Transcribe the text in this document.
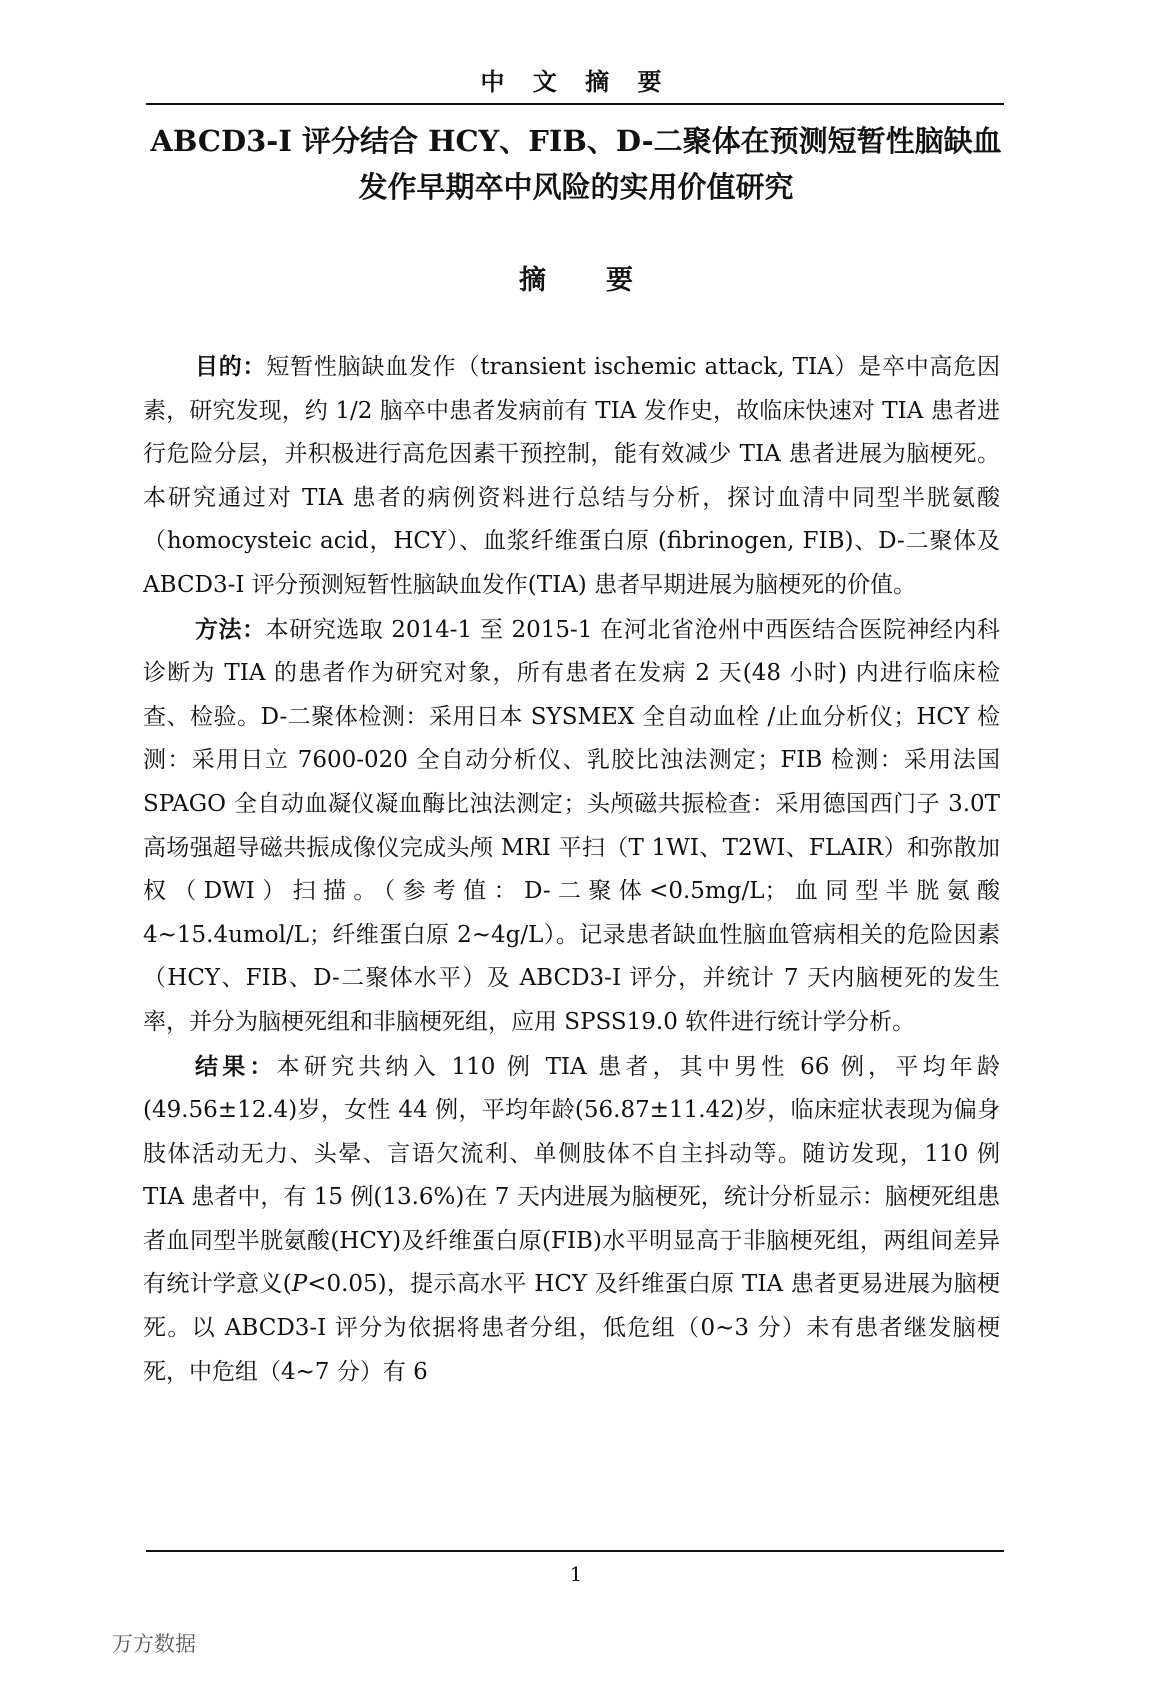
中 文 摘 要
ABCD3-I 评分结合 HCY、FIB、D-二聚体在预测短暂性脑缺血
发作早期卒中风险的实用价值研究
摘要

目的：短暂性脑缺血发作（transient ischemic attack, TIA）是卒中高危因素，研究发现，约 1/2 脑卒中患者发病前有 TIA 发作史，故临床快速对 TIA 患者进行危险分层，并积极进行高危因素干预控制，能有效减少 TIA 患者进展为脑梗死。本研究通过对 TIA 患者的病例资料进行总结与分析，探讨血清中同型半胱氨酸（homocysteic acid，HCY）、血浆纤维蛋白原 (fibrinogen, FIB)、D-二聚体及 ABCD3-I 评分预测短暂性脑缺血发作(TIA) 患者早期进展为脑梗死的价值。

方法：本研究选取 2014-1 至 2015-1 在河北省沧州中西医结合医院神经内科诊断为 TIA 的患者作为研究对象，所有患者在发病 2 天(48 小时) 内进行临床检查、检验。D-二聚体检测：采用日本 SYSMEX 全自动血栓 /止血分析仪；HCY 检测：采用日立 7600-020 全自动分析仪、乳胶比浊法测定；FIB 检测：采用法国 SPAGO 全自动血凝仪凝血酶比浊法测定；头颅磁共振检查：采用德国西门子 3.0T 高场强超导磁共振成像仪完成头颅 MRI 平扫（T 1WI、T2WI、FLAIR）和弥散加权（DWI）扫描。（参考值：D-二聚体<0.5mg/L；血同型半胱氨酸 4~15.4umol/L；纤维蛋白原 2~4g/L）。记录患者缺血性脑血管病相关的危险因素（HCY、FIB、D-二聚体水平）及 ABCD3-I 评分，并统计 7 天内脑梗死的发生率，并分为脑梗死组和非脑梗死组，应用 SPSS19.0 软件进行统计学分析。

结果：本研究共纳入 110 例 TIA 患者，其中男性 66 例，平均年龄 (49.56±12.4)岁，女性 44 例，平均年龄(56.87±11.42)岁，临床症状表现为偏身肢体活动无力、头晕、言语欠流利、单侧肢体不自主抖动等。随访发现，110 例 TIA 患者中，有 15 例(13.6%)在 7 天内进展为脑梗死，统计分析显示：脑梗死组患者血同型半胱氨酸(HCY)及纤维蛋白原(FIB)水平明显高于非脑梗死组，两组间差异有统计学意义(P<0.05)，提示高水平 HCY 及纤维蛋白原 TIA 患者更易进展为脑梗死。以 ABCD3-I 评分为依据将患者分组，低危组（0~3 分）未有患者继发脑梗死，中危组（4~7 分）有 6

1
万方数据
